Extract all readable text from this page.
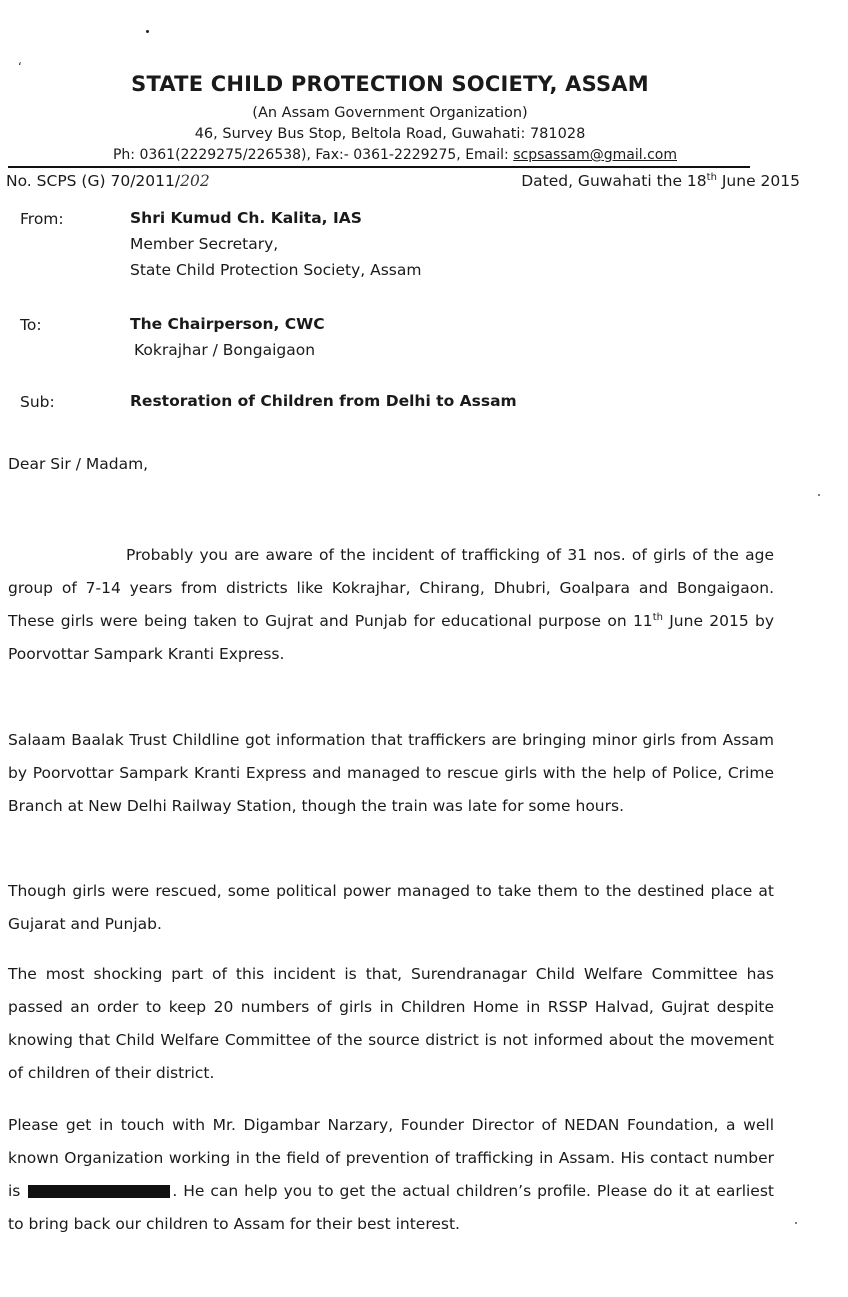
‘
STATE CHILD PROTECTION SOCIETY, ASSAM
(An Assam Government Organization)
46, Survey Bus Stop, Beltola Road, Guwahati: 781028
Ph: 0361(2229275/226538), Fax:- 0361-2229275, Email: scpsassam@gmail.com
No. SCPS (G) 70/2011/202	Dated, Guwahati the 18th June 2015
From:	Shri Kumud Ch. Kalita, IAS
Member Secretary,
State Child Protection Society, Assam
To:	The Chairperson, CWC
Kokrajhar / Bongaigaon
Sub:	Restoration of Children from Delhi to Assam
Dear Sir / Madam,

Probably you are aware of the incident of trafficking of 31 nos. of girls of the age group of 7-14 years from districts like Kokrajhar, Chirang, Dhubri, Goalpara and Bongaigaon. These girls were being taken to Gujrat and Punjab for educational purpose on 11th June 2015 by Poorvottar Sampark Kranti Express.

Salaam Baalak Trust Childline got information that traffickers are bringing minor girls from Assam by Poorvottar Sampark Kranti Express and managed to rescue girls with the help of Police, Crime Branch at New Delhi Railway Station, though the train was late for some hours.

Though girls were rescued, some political power managed to take them to the destined place at Gujarat and Punjab.

The most shocking part of this incident is that, Surendranagar Child Welfare Committee has passed an order to keep 20 numbers of girls in Children Home in RSSP Halvad, Gujrat despite knowing that Child Welfare Committee of the source district is not informed about the movement of children of their district.

Please get in touch with Mr. Digambar Narzary, Founder Director of NEDAN Foundation, a well known Organization working in the field of prevention of trafficking in Assam. His contact number is	. He can help you to get the actual children’s profile. Please do it at earliest to bring back our children to Assam for their best interest.
